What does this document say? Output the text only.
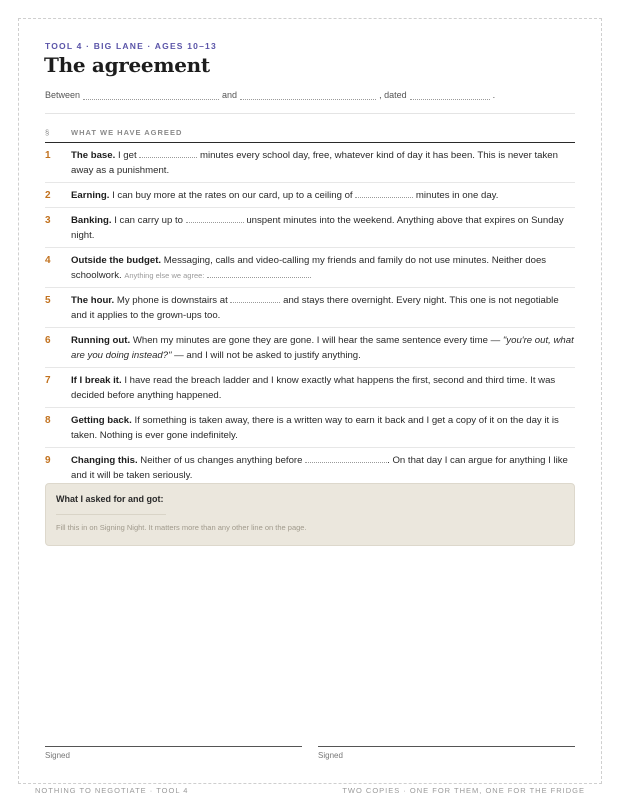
TOOL 4 · BIG LANE · AGES 10–13
The agreement
Between	and	, dated	.
§	WHAT WE HAVE AGREED
1 The base. I get	minutes every school day, free, whatever kind of day it has been. This is never taken away as a punishment.
2 Earning. I can buy more at the rates on our card, up to a ceiling of	minutes in one day.
3 Banking. I can carry up to	unspent minutes into the weekend. Anything above that expires on Sunday night.
4 Outside the budget. Messaging, calls and video-calling my friends and family do not use minutes. Neither does schoolwork. Anything else we agree:
5 The hour. My phone is downstairs at	and stays there overnight. Every night. This one is not negotiable and it applies to the grown-ups too.
6 Running out. When my minutes are gone they are gone. I will hear the same sentence every time — "you're out, what are you doing instead?" — and I will not be asked to justify anything.
7 If I break it. I have read the breach ladder and I know exactly what happens the first, second and third time. It was decided before anything happened.
8 Getting back. If something is taken away, there is a written way to earn it back and I get a copy of it on the day it is taken. Nothing is ever gone indefinitely.
9 Changing this. Neither of us changes anything before	. On that day I can argue for anything I like and it will be taken seriously.
What I asked for and got:
Fill this in on Signing Night. It matters more than any other line on the page.
Signed	Signed
NOTHING TO NEGOTIATE · TOOL 4	TWO COPIES · ONE FOR THEM, ONE FOR THE FRIDGE
